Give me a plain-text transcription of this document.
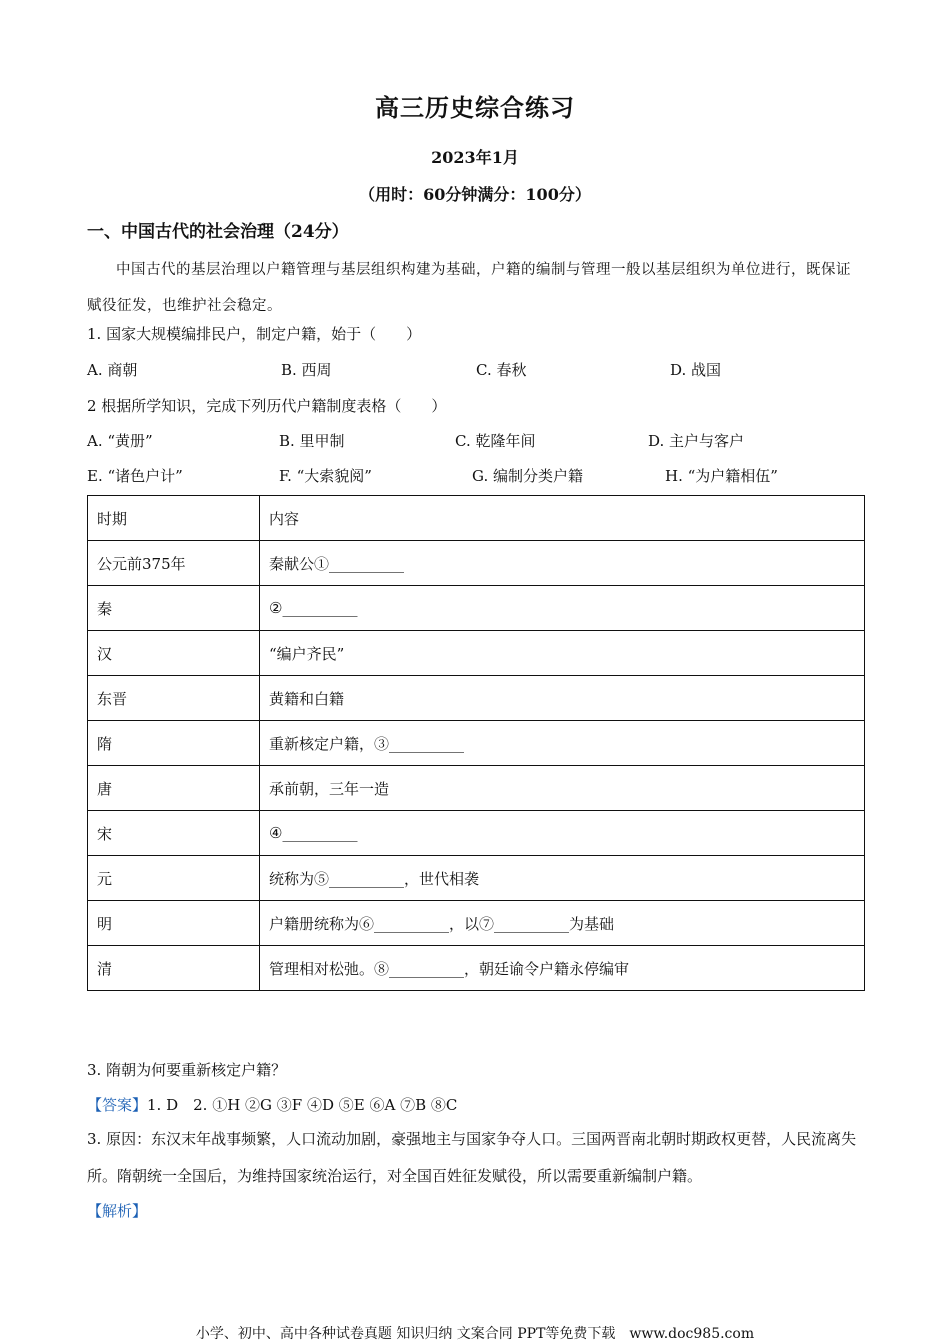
高三历史综合练习
2023年1月
（用时：60分钟满分：100分）
一、中国古代的社会治理（24分）
中国古代的基层治理以户籍管理与基层组织构建为基础，户籍的编制与管理一般以基层组织为单位进行，既保证赋役征发，也维护社会稳定。
1. 国家大规模编排民户，制定户籍，始于（　　）
A. 商朝	B. 西周	C. 春秋	D. 战国
2 根据所学知识，完成下列历代户籍制度表格（　　）
A. “黄册”	B. 里甲制	C. 乾隆年间	D. 主户与客户
E. “诸色户计”	F. “大索貌阅”	G. 编制分类户籍	H. “为户籍相伍”
时期	内容
公元前375年	秦献公①__________
秦	②__________
汉	“编户齐民”
东晋	黄籍和白籍
隋	重新核定户籍，③__________
唐	承前朝，三年一造
宋	④__________
元	统称为⑤__________，世代相袭
明	户籍册统称为⑥__________，以⑦__________为基础
清	管理相对松弛。⑧__________，朝廷谕令户籍永停编审
3. 隋朝为何要重新核定户籍？
【答案】1. D　2. ①H ②G ③F ④D ⑤E ⑥A ⑦B ⑧C
3. 原因：东汉末年战事频繁，人口流动加剧，豪强地主与国家争夺人口。三国两晋南北朝时期政权更替，人民流离失所。隋朝统一全国后，为维持国家统治运行，对全国百姓征发赋役，所以需要重新编制户籍。
【解析】
小学、初中、高中各种试卷真题 知识归纳 文案合同 PPT等免费下载　www.doc985.com
